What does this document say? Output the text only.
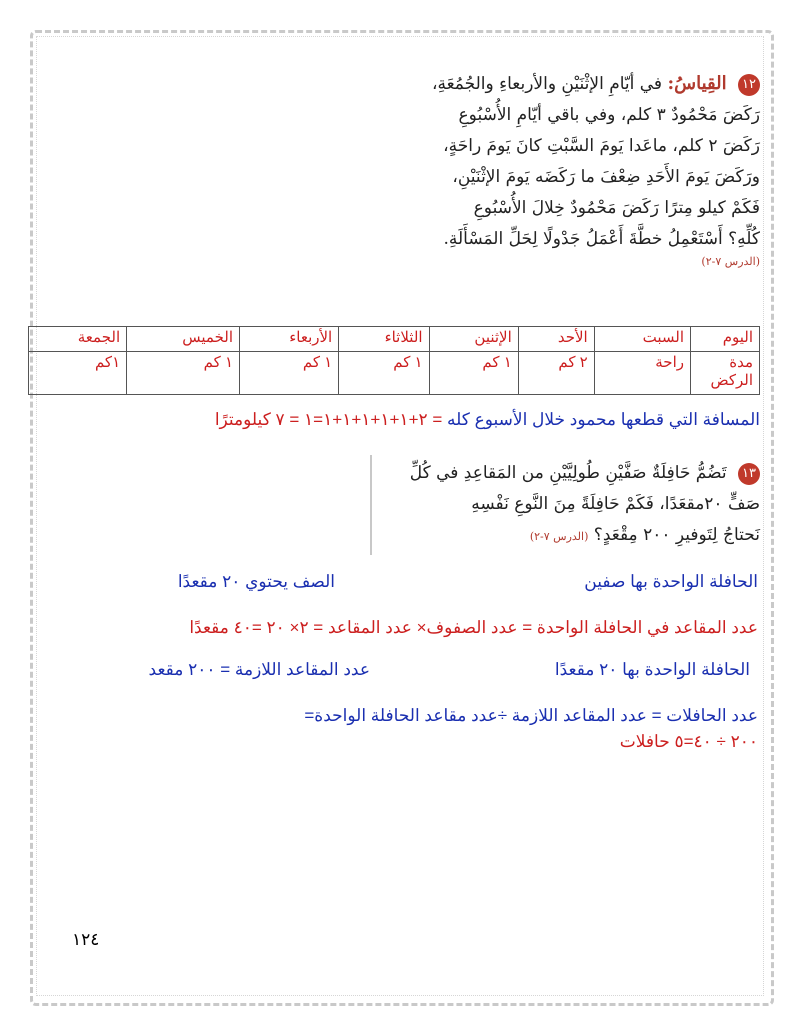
١٢ القِياسُ: في أيّامِ الإثْنَيْنِ والأربعاءِ والجُمُعَةِ،
رَكَضَ مَحْمُودٌ ٣ كلم، وفي باقي أيّامِ الأُسْبُوعِ
رَكَضَ ٢ كلم، ماعَدا يَومَ السَّبْتِ كانَ يَومَ راحَةٍ،
ورَكَضَ يَومَ الأَحَدِ ضِعْفَ ما رَكَضَه يَومَ الإثْنَيْنِ،
فَكَمْ كيلو مِترًا رَكَضَ مَحْمُودٌ خِلالَ الأُسْبُوعِ
كُلِّهِ؟ أَسْتَعْمِلُ خطَّةَ أَعْمَلُ جَدْولًا لِحَلِّ المَسْأَلَةِ.
(الدرس ٧-٢)
اليوم	السبت	الأحد	الإثنين	الثلاثاء	الأربعاء	الخميس	الجمعة
مدة الركض	راحة	٢ كم	١ كم	١ كم	١ كم	١ كم	١كم
المسافة التي قطعها محمود خلال الأسبوع كله = ٢+١+١+١+١+١=١ = ٧ كيلومترًا
١٣ تَضُمُّ حَافِلَةٌ صَفَّيْنِ طُولِيَّيْنِ من المَقاعِدِ في كُلِّ
صَفٍّ ٢٠مقعَدًا، فَكَمْ حَافِلَةً مِنَ النَّوعِ نَفْسِهِ
نَحتاجُ لِتَوفيرِ ٢٠٠ مِقْعَدٍ؟ (الدرس ٧-٢)
الحافلة الواحدة بها صفين
الصف يحتوي ٢٠ مقعدًا
عدد المقاعد في الحافلة الواحدة = عدد الصفوف× عدد المقاعد = ٢× ٢٠ =٤٠ مقعدًا
الحافلة الواحدة بها ٢٠ مقعدًا
عدد المقاعد اللازمة = ٢٠٠ مقعد
عدد الحافلات = عدد المقاعد اللازمة ÷عدد مقاعد الحافلة الواحدة=
٢٠٠ ÷ ٤٠=٥ حافلات
١٢٤
